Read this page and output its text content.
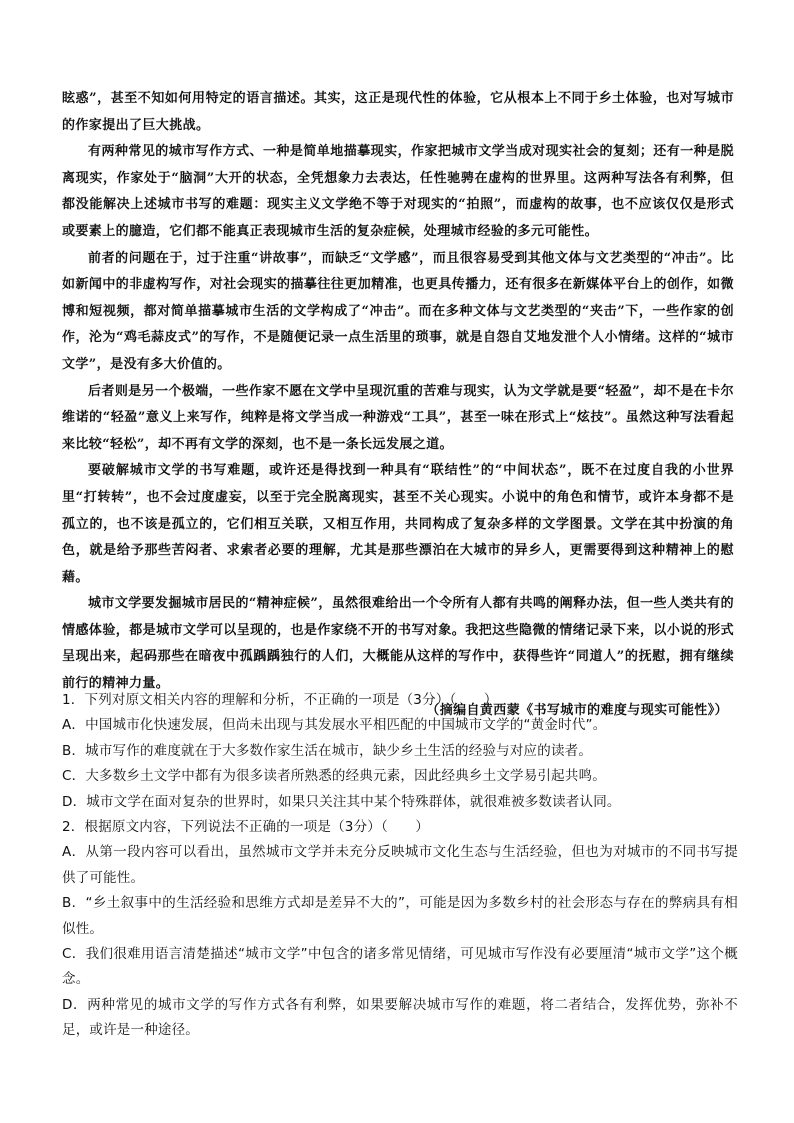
眩惑”，甚至不知如何用特定的语言描述。其实，这正是现代性的体验，它从根本上不同于乡土体验，也对写城市的作家提出了巨大挑战。

有两种常见的城市写作方式、一种是简单地描摹现实，作家把城市文学当成对现实社会的复刻；还有一种是脱离现实，作家处于“脑洞”大开的状态，全凭想象力去表达，任性驰骋在虚构的世界里。这两种写法各有利弊，但都没能解决上述城市书写的难题：现实主义文学绝不等于对现实的“拍照”，而虚构的故事，也不应该仅仅是形式或要素上的臆造，它们都不能真正表现城市生活的复杂症候，处理城市经验的多元可能性。

前者的问题在于，过于注重“讲故事”，而缺乏“文学感”，而且很容易受到其他文体与文艺类型的“冲击”。比如新闻中的非虚构写作，对社会现实的描摹往往更加精准，也更具传播力，还有很多在新媒体平台上的创作，如微博和短视频，都对简单描摹城市生活的文学构成了“冲击”。而在多种文体与文艺类型的“夹击”下，一些作家的创作，沦为“鸡毛蒜皮式”的写作，不是随便记录一点生活里的琐事，就是自怨自艾地发泄个人小情绪。这样的“城市文学”，是没有多大价值的。

后者则是另一个极端，一些作家不愿在文学中呈现沉重的苦难与现实，认为文学就是要“轻盈”，却不是在卡尔维诺的“轻盈”意义上来写作，纯粹是将文学当成一种游戏“工具”，甚至一味在形式上“炫技”。虽然这种写法看起来比较“轻松”，却不再有文学的深刻，也不是一条长远发展之道。

要破解城市文学的书写难题，或许还是得找到一种具有“联结性”的“中间状态”，既不在过度自我的小世界里“打转转”，也不会过度虚妄，以至于完全脱离现实，甚至不关心现实。小说中的角色和情节，或许本身都不是孤立的，也不该是孤立的，它们相互关联，又相互作用，共同构成了复杂多样的文学图景。文学在其中扮演的角色，就是给予那些苦闷者、求索者必要的理解，尤其是那些漂泊在大城市的异乡人，更需要得到这种精神上的慰藉。

城市文学要发掘城市居民的“精神症候”，虽然很难给出一个令所有人都有共鸣的阐释办法，但一些人类共有的情感体验，都是城市文学可以呈现的，也是作家绕不开的书写对象。我把这些隐微的情绪记录下来，以小说的形式呈现出来，起码那些在暗夜中孤踽踽独行的人们，大概能从这样的写作中，获得些许“同道人”的抚慰，拥有继续前行的精神力量。

（摘编自黄西蒙《书写城市的难度与现实可能性》）

1．下列对原文相关内容的理解和分析，不正确的一项是（3分）（　　）

A．中国城市化快速发展，但尚未出现与其发展水平相匹配的中国城市文学的“黄金时代”。

B．城市写作的难度就在于大多数作家生活在城市，缺少乡土生活的经验与对应的读者。

C．大多数乡土文学中都有为很多读者所熟悉的经典元素，因此经典乡土文学易引起共鸣。

D．城市文学在面对复杂的世界时，如果只关注其中某个特殊群体，就很难被多数读者认同。

2．根据原文内容，下列说法不正确的一项是（3分）（　　）

A．从第一段内容可以看出，虽然城市文学并未充分反映城市文化生态与生活经验，但也为对城市的不同书写提供了可能性。

B．“乡土叙事中的生活经验和思维方式却是差异不大的”，可能是因为多数乡村的社会形态与存在的弊病具有相似性。

C．我们很难用语言清楚描述“城市文学”中包含的诸多常见情绪，可见城市写作没有必要厘清“城市文学”这个概念。

D．两种常见的城市文学的写作方式各有利弊，如果要解决城市写作的难题，将二者结合，发挥优势，弥补不足，或许是一种途径。
